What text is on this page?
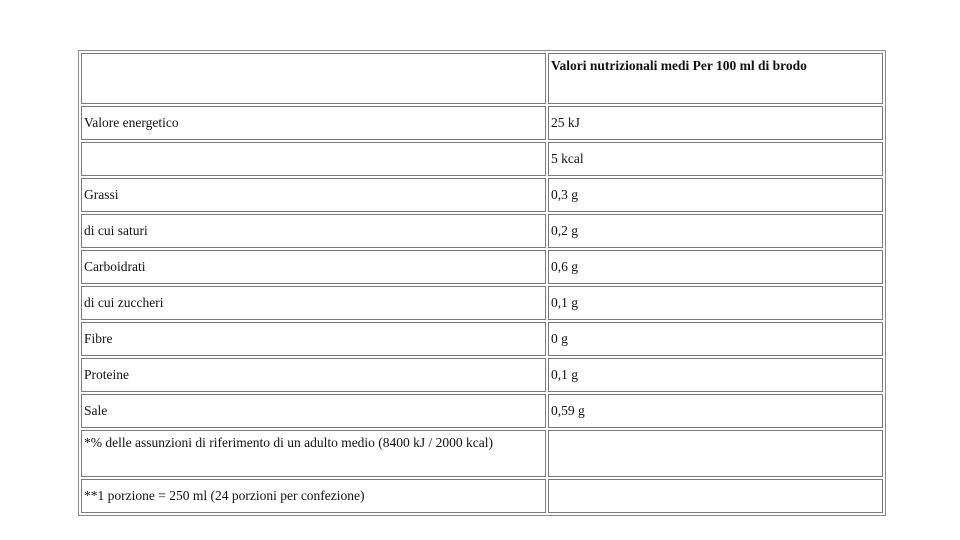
	Valori nutrizionali medi Per 100 ml di brodo
Valore energetico	25 kJ
	5 kcal
Grassi	0,3 g
di cui saturi	0,2 g
Carboidrati	0,6 g
di cui zuccheri	0,1 g
Fibre	0 g
Proteine	0,1 g
Sale	0,59 g
*% delle assunzioni di riferimento di un adulto medio (8400 kJ / 2000 kcal)	
**1 porzione = 250 ml (24 porzioni per confezione)	
